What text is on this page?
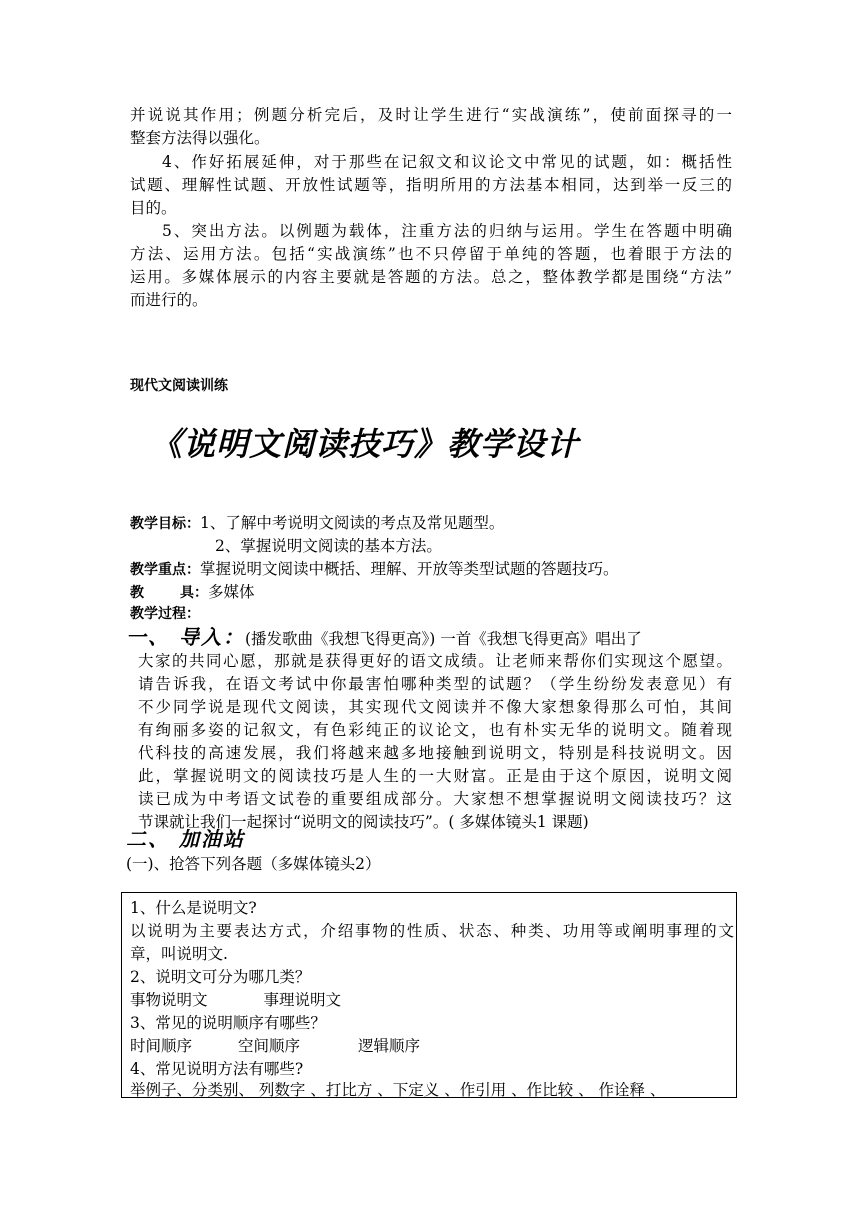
并说说其作用；例题分析完后，及时让学生进行“实战演练”，使前面探寻的一
整套方法得以强化。
4、作好拓展延伸，对于那些在记叙文和议论文中常见的试题，如：概括性
试题、理解性试题、开放性试题等，指明所用的方法基本相同，达到举一反三的
目的。
5、突出方法。以例题为载体，注重方法的归纳与运用。学生在答题中明确
方法、运用方法。包括“实战演练”也不只停留于单纯的答题，也着眼于方法的
运用。多媒体展示的内容主要就是答题的方法。总之，整体教学都是围绕“方法”
而进行的。
现代文阅读训练
《说明文阅读技巧》教学设计
教学目标：1、了解中考说明文阅读的考点及常见题型。
2、掌握说明文阅读的基本方法。
教学重点：掌握说明文阅读中概括、理解、开放等类型试题的答题技巧。
教	具：多媒体
教学过程：
一、 导入：(播发歌曲《我想飞得更高》) 一首《我想飞得更高》唱出了
大家的共同心愿，那就是获得更好的语文成绩。让老师来帮你们实现这个愿望。
请告诉我，在语文考试中你最害怕哪种类型的试题？（学生纷纷发表意见）有
不少同学说是现代文阅读，其实现代文阅读并不像大家想象得那么可怕，其间
有绚丽多姿的记叙文，有色彩纯正的议论文，也有朴实无华的说明文。随着现
代科技的高速发展，我们将越来越多地接触到说明文，特别是科技说明文。因
此，掌握说明文的阅读技巧是人生的一大财富。正是由于这个原因，说明文阅
读已成为中考语文试卷的重要组成部分。大家想不想掌握说明文阅读技巧？这
节课就让我们一起探讨“说明文的阅读技巧”。( 多媒体镜头1 课题)
二、 加油站
(一)、抢答下列各题（多媒体镜头2）
1、什么是说明文?
以说明为主要表达方式，介绍事物的性质、状态、种类、功用等或阐明事理的文
章，叫说明文.
2、说明文可分为哪几类？
事物说明文	事理说明文
3、常见的说明顺序有哪些？
时间顺序	空间顺序	逻辑顺序
4、常见说明方法有哪些?
举例子、分类别、 列数字 、打比方 、下定义 、作引用 、作比较 、 作诠释 、
